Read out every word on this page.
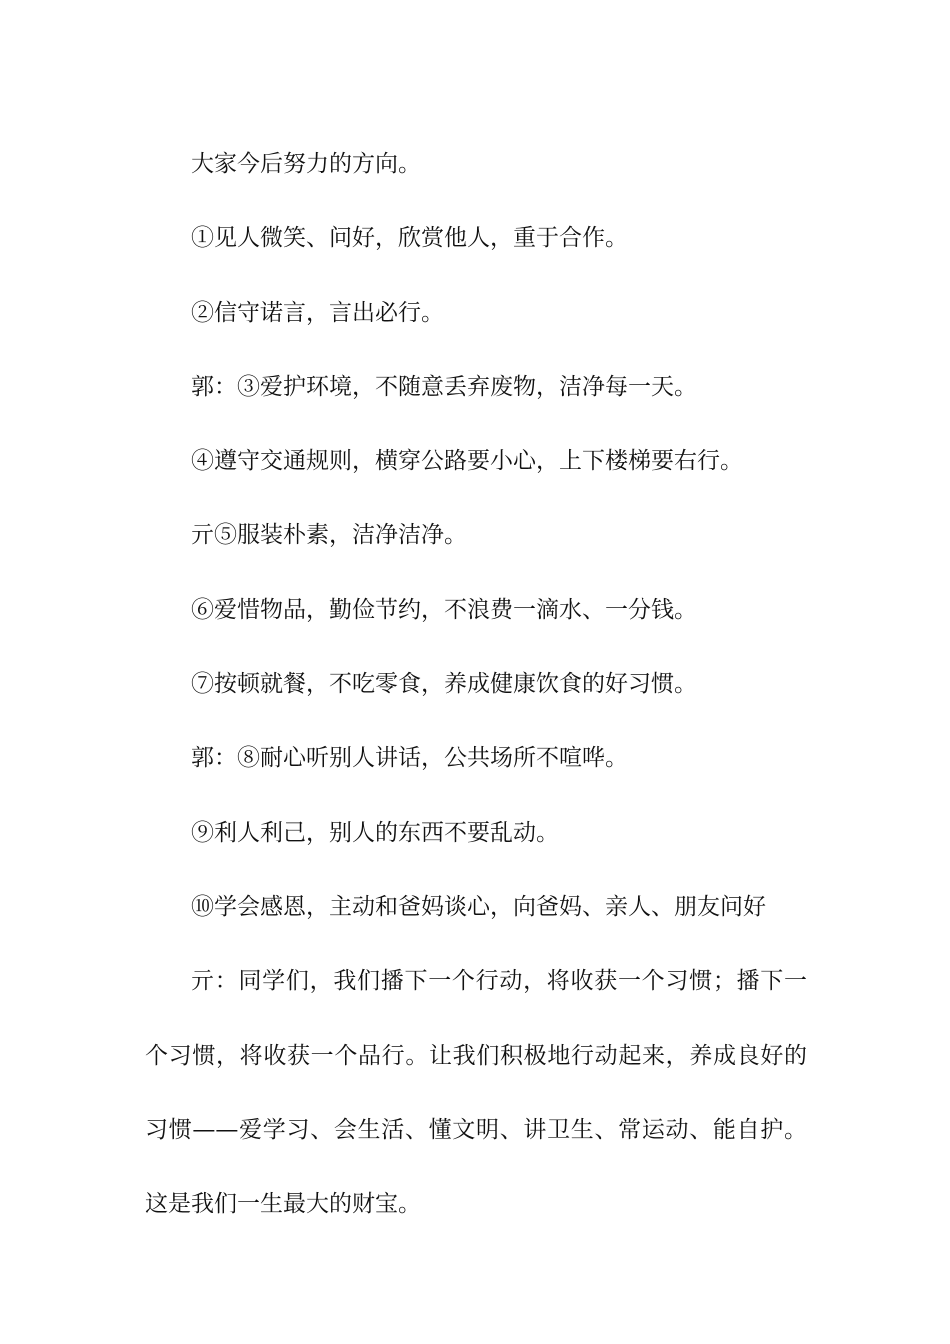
大家今后努力的方向。

①见人微笑、问好，欣赏他人，重于合作。

②信守诺言，言出必行。

郭：③爱护环境，不随意丢弃废物，洁净每一天。

④遵守交通规则，横穿公路要小心，上下楼梯要右行。

亓⑤服装朴素，洁净洁净。

⑥爱惜物品，勤俭节约，不浪费一滴水、一分钱。

⑦按顿就餐，不吃零食，养成健康饮食的好习惯。

郭：⑧耐心听别人讲话，公共场所不喧哗。

⑨利人利己，别人的东西不要乱动。

⑩学会感恩，主动和爸妈谈心，向爸妈、亲人、朋友问好

亓：同学们，我们播下一个行动，将收获一个习惯；播下一个习惯，将收获一个品行。让我们积极地行动起来，养成良好的习惯——爱学习、会生活、懂文明、讲卫生、常运动、能自护。这是我们一生最大的财宝。
